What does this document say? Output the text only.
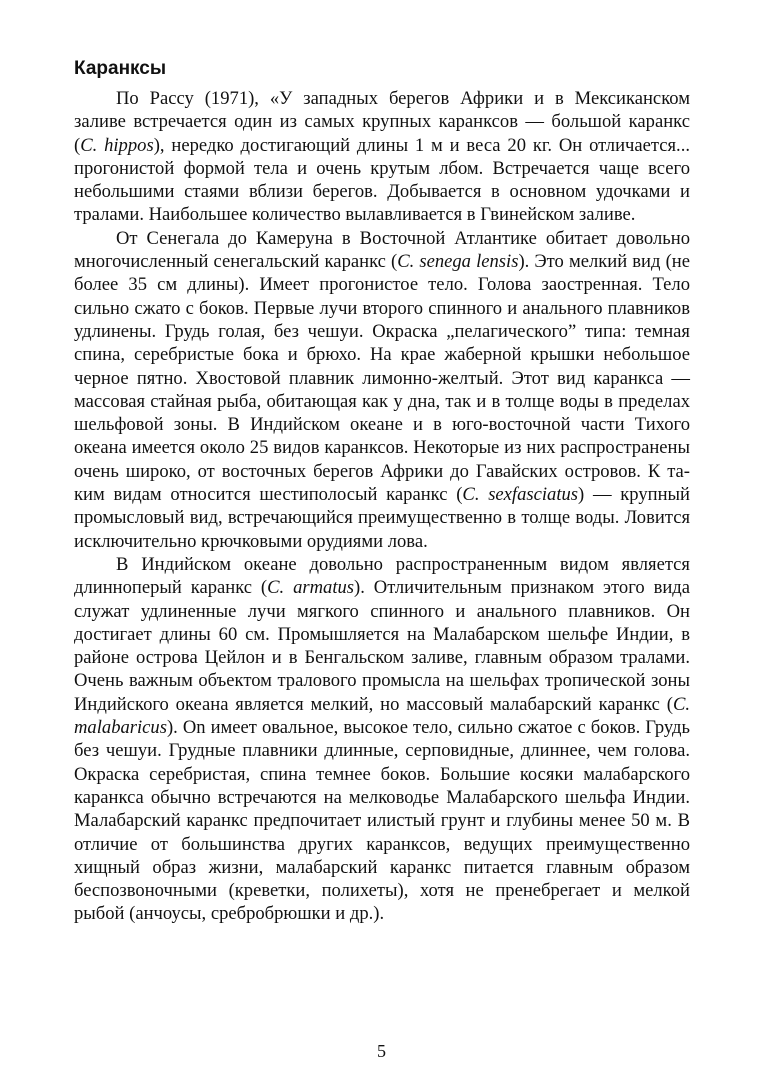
Каранксы

По Рассу (1971), «У западных берегов Африки и в Мексиканском заливе встречается один из самых крупных каранксов — большой каранкс (C. hippos), нередко достигающий длины 1 м и веса 20 кг. Он отличается... прогонистой формой тела и очень крутым лбом. Встречается чаще всего небольшими стаями вблизи берегов. Добывается в основном удочками и тралами. Наибольшее количество вылавливается в Гвинейском заливе.

От Сенегала до Камеруна в Восточной Атлантике обитает довольно многочисленный сенегальский каранкс (C. senega lensis). Это мелкий вид (не более 35 см длины). Имеет прогонистое тело. Голова заостренная. Тело сильно сжато с боков. Первые лучи второго спинного и анального плавников удлинены. Грудь голая, без чешуи. Окраска „пелагического” типа: темная спина, серебристые бока и брюхо. На крае жаберной крышки небольшое черное пятно. Хвостовой плавник лимонно-желтый. Этот вид каранкса — массовая стайная рыба, обитающая как у дна, так и в толще воды в пределах шельфовой зоны. В Индийском океане и в юго-восточной части Тихого океана имеется около 25 видов каранксов. Некоторые из них распространены очень широко, от восточных берегов Африки до Гавайских островов. К таким видам относится шестиполосый каранкс (C. sexfasciatus) — крупный промысловый вид, встречающийся преимущественно в толще воды. Ловится исключительно крючковыми орудиями лова.

В Индийском океане довольно распространенным видом является длинноперый каранкс (C. armatus). Отличительным признаком этого вида служат удлиненные лучи мягкого спинного и анального плавников. Он достигает длины 60 см. Промышляется на Малабарском шельфе Индии, в районе острова Цейлон и в Бенгальском заливе, главным образом тралами. Очень важным объектом тралового промысла на шельфах тропической зоны Индийского океана является мелкий, но массовый малабарский каранкс (C. malabaricus). On имеет овальное, высокое тело, сильно сжатое с боков. Грудь без чешуи. Грудные плавники длинные, серповидные, длиннее, чем голова. Окраска серебристая, спина темнее боков. Большие косяки малабарского каранкса обычно встречаются на мелководье Малабарского шельфа Индии. Малабарский каранкс предпочитает илистый грунт и глубины менее 50 м. В отличие от большинства других каранксов, ведущих преимущественно хищный образ жизни, малабарский каранкс питается главным образом беспозвоночными (креветки, полихеты), хотя не пренебрегает и мелкой рыбой (анчоусы, сребробрюшки и др.).

5
